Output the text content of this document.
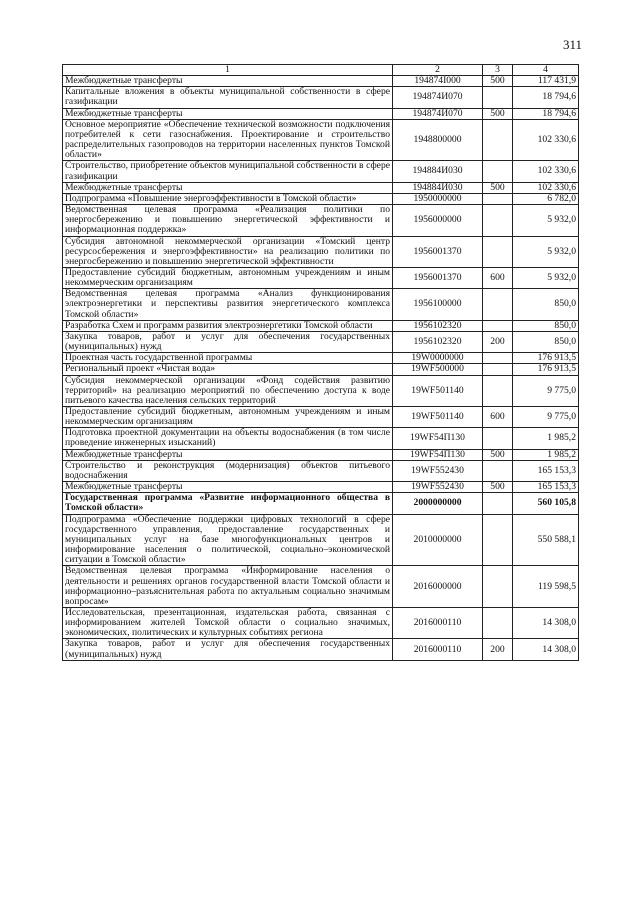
311
1	2	3	4
Межбюджетные трансферты	194874I000	500	117 431,9
Капитальные вложения в объекты муниципальной собственности в сфере газификации	194874И070		18 794,6
Межбюджетные трансферты	194874И070	500	18 794,6
Основное мероприятие «Обеспечение технической возможности подключения потребителей к сети газоснабжения. Проектирование и строительство распределительных газопроводов на территории населенных пунктов Томской области»	1948800000		102 330,6
Строительство, приобретение объектов муниципальной собственности в сфере газификации	194884И030		102 330,6
Межбюджетные трансферты	194884И030	500	102 330,6
Подпрограмма «Повышение энергоэффективности в Томской области»	1950000000		6 782,0
Ведомственная целевая программа «Реализация политики по энергосбережению и повышению энергетической эффективности и информационная поддержка»	1956000000		5 932,0
Субсидия автономной некоммерческой организации «Томский центр ресурсосбережения и энергоэффективности» на реализацию политики по энергосбережению и повышению энергетической эффективности	1956001370		5 932,0
Предоставление субсидий бюджетным, автономным учреждениям и иным некоммерческим организациям	1956001370	600	5 932,0
Ведомственная целевая программа «Анализ функционирования электроэнергетики и перспективы развития энергетического комплекса Томской области»	1956100000		850,0
Разработка Схем и программ развития электроэнергетики Томской области	1956102320		850,0
Закупка товаров, работ и услуг для обеспечения государственных (муниципальных) нужд	1956102320	200	850,0
Проектная часть государственной программы	19W0000000		176 913,5
Региональный проект «Чистая вода»	19WF500000		176 913,5
Субсидия некоммерческой организации «Фонд содействия развитию территорий» на реализацию мероприятий по обеспечению доступа к воде питьевого качества населения сельских территорий	19WF501140		9 775,0
Предоставление субсидий бюджетным, автономным учреждениям и иным некоммерческим организациям	19WF501140	600	9 775,0
Подготовка проектной документации на объекты водоснабжения (в том числе проведение инженерных изысканий)	19WF54П130		1 985,2
Межбюджетные трансферты	19WF54П130	500	1 985,2
Строительство и реконструкция (модернизация) объектов питьевого водоснабжения	19WF552430		165 153,3
Межбюджетные трансферты	19WF552430	500	165 153,3
Государственная программа «Развитие информационного общества в Томской области»	2000000000		560 105,8
Подпрограмма «Обеспечение поддержки цифровых технологий в сфере государственного управления, предоставление государственных и муниципальных услуг на базе многофункциональных центров и информирование населения о политической, социально–экономической ситуации в Томской области»	2010000000		550 588,1
Ведомственная целевая программа «Информирование населения о деятельности и решениях органов государственной власти Томской области и информационно–разъяснительная работа по актуальным социально значимым вопросам»	2016000000		119 598,5
Исследовательская, презентационная, издательская работа, связанная с информированием жителей Томской области о социально значимых, экономических, политических и культурных событиях региона	2016000110		14 308,0
Закупка товаров, работ и услуг для обеспечения государственных (муниципальных) нужд	2016000110	200	14 308,0
